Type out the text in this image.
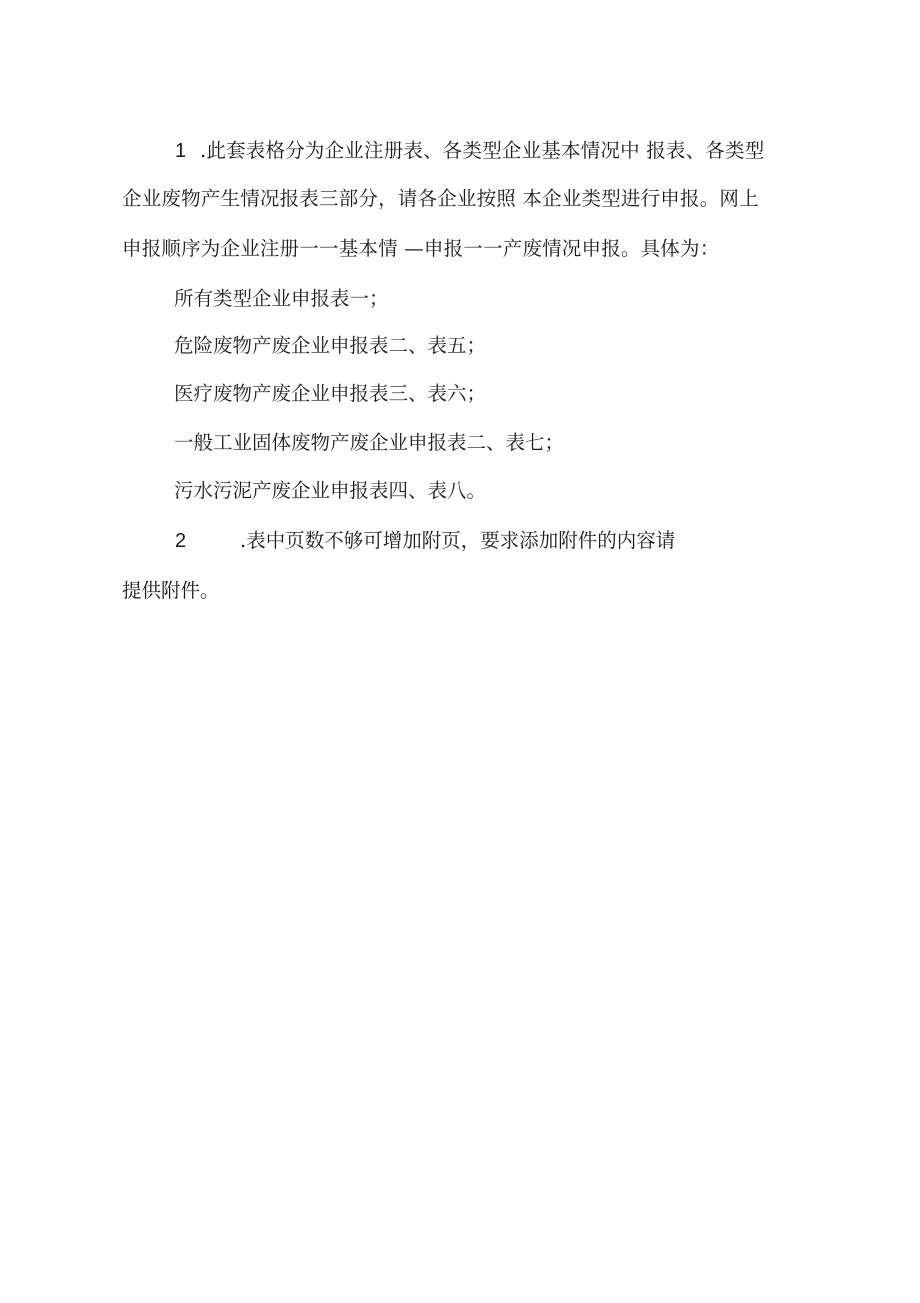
1 .此套表格分为企业注册表、各类型企业基本情况中 报表、各类型
企业废物产生情况报表三部分，请各企业按照 本企业类型进行申报。网上
申报顺序为企业注册一一基本情 —申报一一产废情况申报。具体为：
所有类型企业申报表一；
危险废物产废企业申报表二、表五；
医疗废物产废企业申报表三、表六；
一般工业固体废物产废企业申报表二、表七；
污水污泥产废企业申报表四、表八。
2	.表中页数不够可增加附页，要求添加附件的内容请
提供附件。
